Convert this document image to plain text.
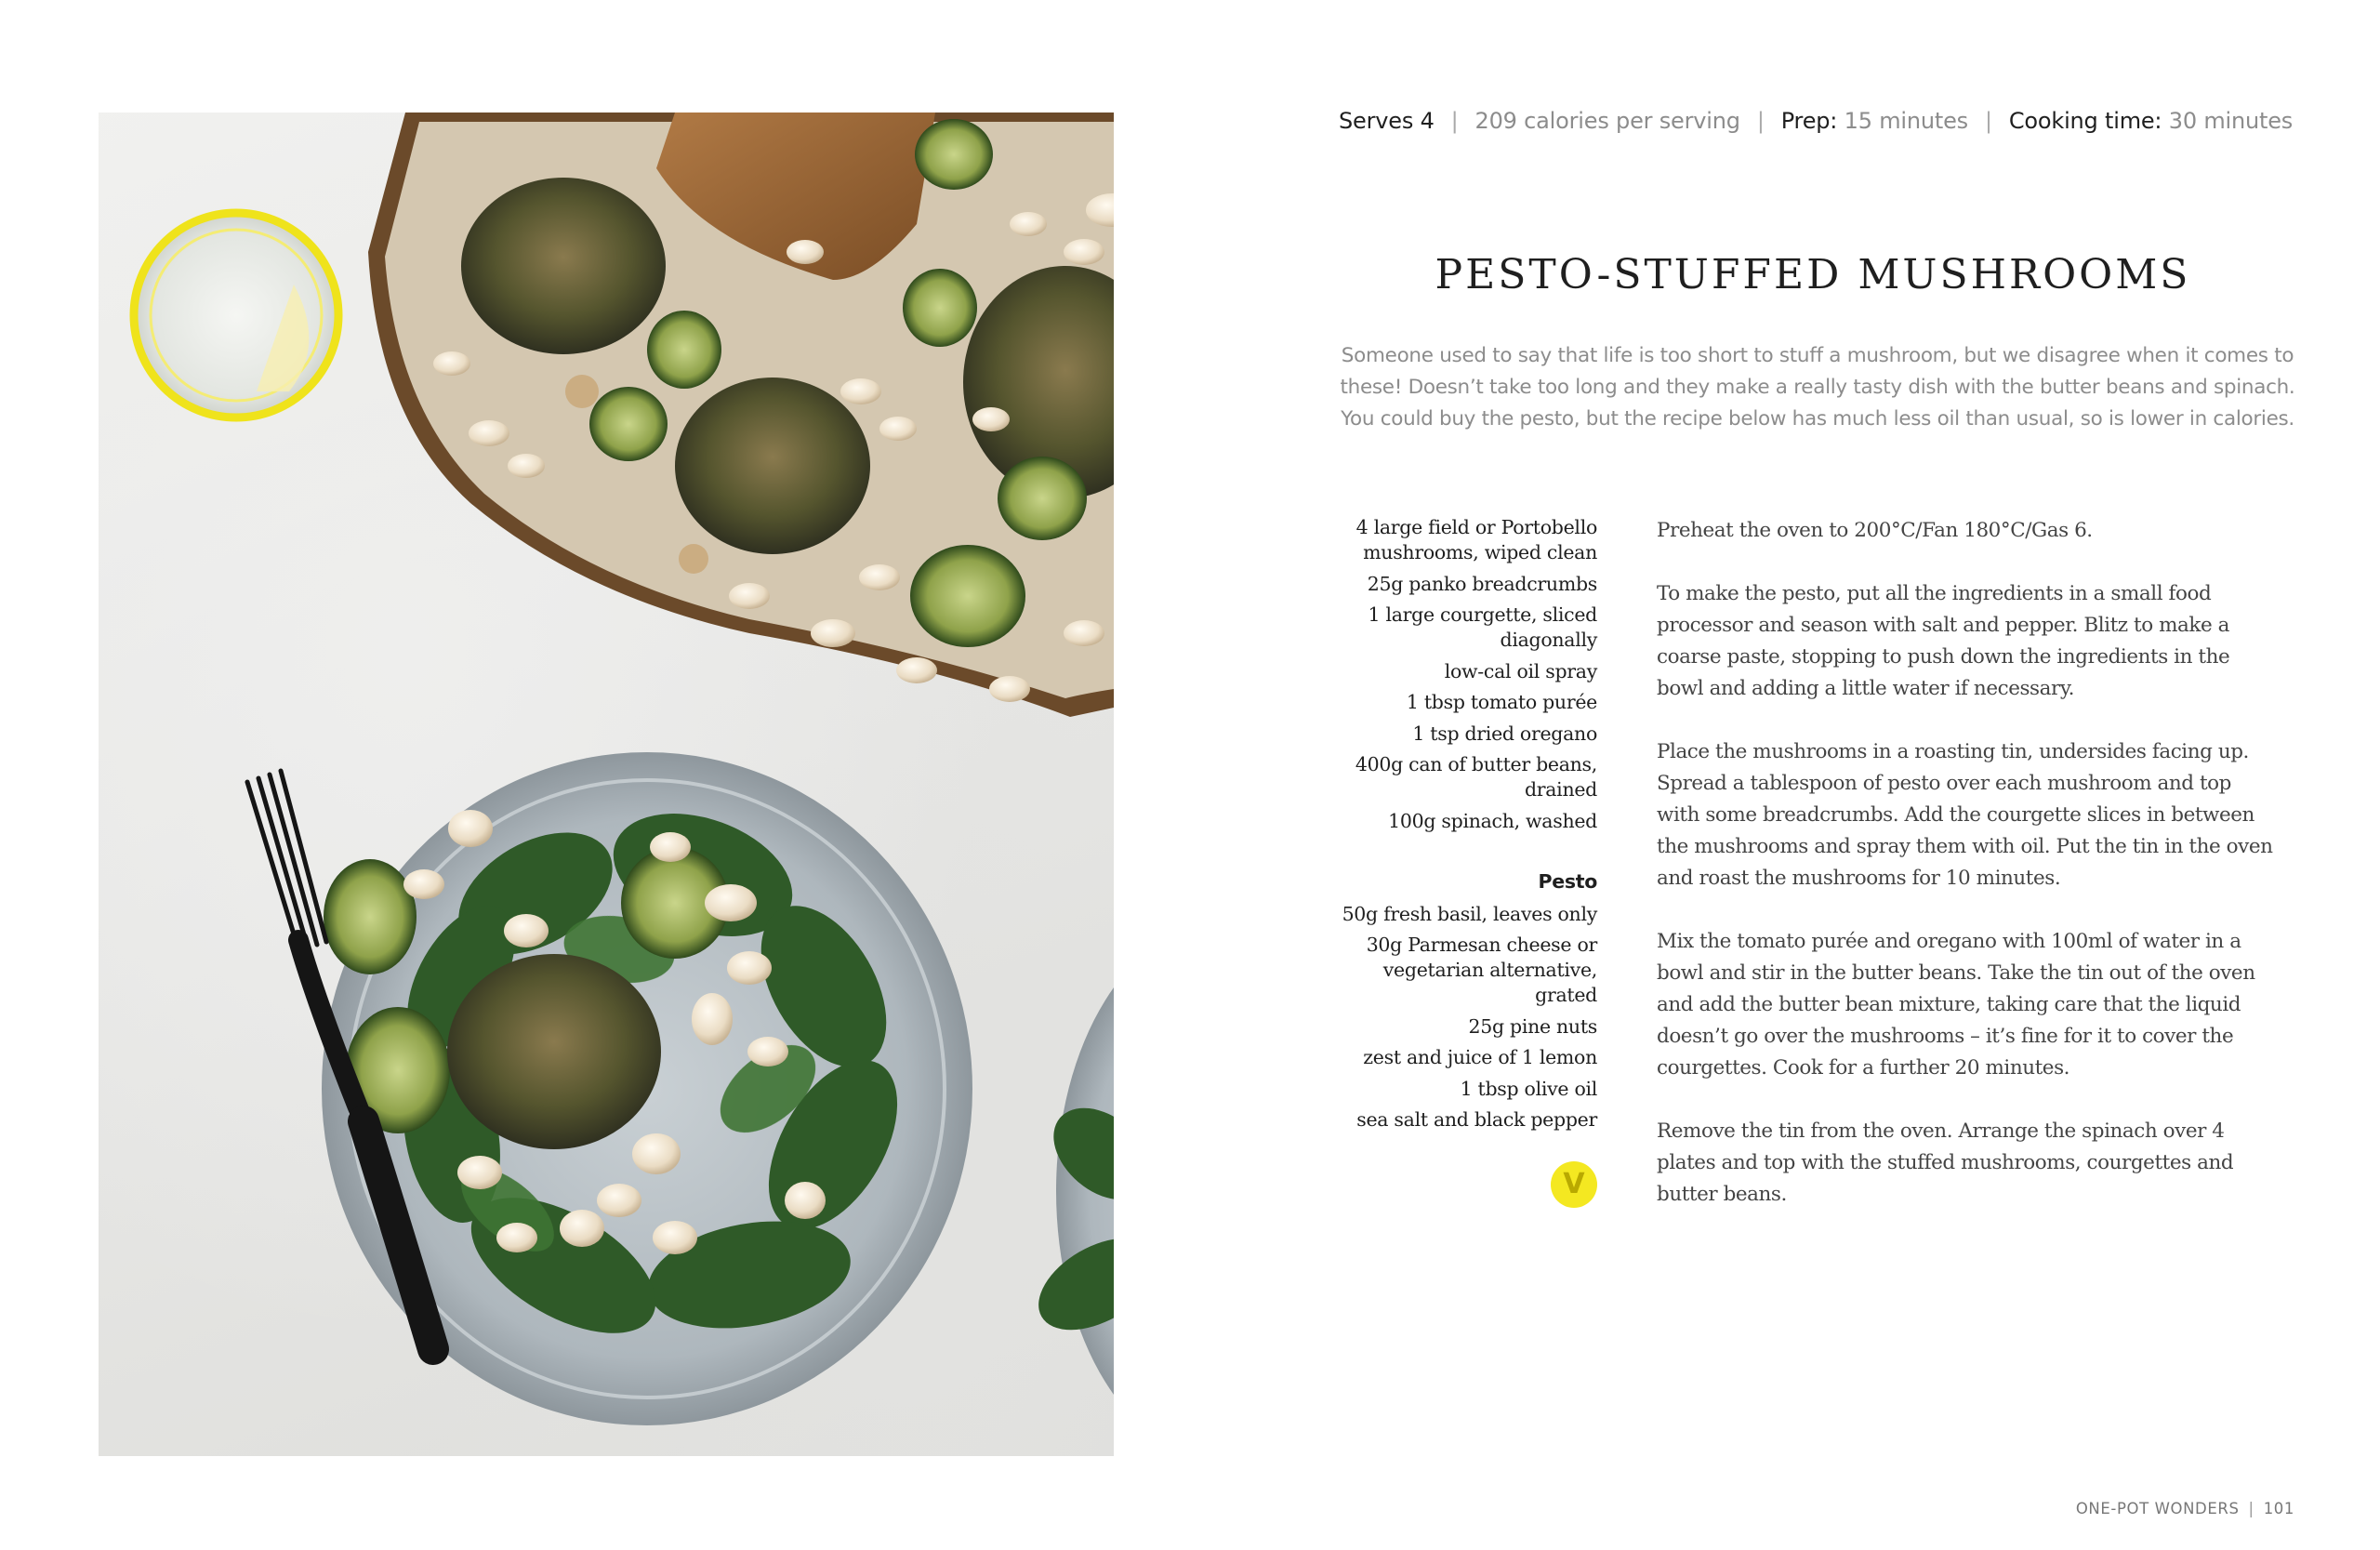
Serves 4 | 209 calories per serving | Prep: 15 minutes | Cooking time: 30 minutes
PESTO-STUFFED MUSHROOMS

Someone used to say that life is too short to stuff a mushroom, but we disagree when it comes to these! Doesn’t take too long and they make a really tasty dish with the butter beans and spinach. You could buy the pesto, but the recipe below has much less oil than usual, so is lower in calories.

4 large field or Portobello mushrooms, wiped clean
25g panko breadcrumbs
1 large courgette, sliced diagonally
low-cal oil spray
1 tbsp tomato purée
1 tsp dried oregano
400g can of butter beans, drained
100g spinach, washed
Pesto
50g fresh basil, leaves only
30g Parmesan cheese or vegetarian alternative, grated
25g pine nuts
zest and juice of 1 lemon
1 tbsp olive oil
sea salt and black pepper
V

Preheat the oven to 200°C/Fan 180°C/Gas 6.

To make the pesto, put all the ingredients in a small food processor and season with salt and pepper. Blitz to make a coarse paste, stopping to push down the ingredients in the bowl and adding a little water if necessary.

Place the mushrooms in a roasting tin, undersides facing up. Spread a tablespoon of pesto over each mushroom and top with some breadcrumbs. Add the courgette slices in between the mushrooms and spray them with oil. Put the tin in the oven and roast the mushrooms for 10 minutes.

Mix the tomato purée and oregano with 100ml of water in a bowl and stir in the butter beans. Take the tin out of the oven and add the butter bean mixture, taking care that the liquid doesn’t go over the mushrooms – it’s fine for it to cover the courgettes. Cook for a further 20 minutes.

Remove the tin from the oven. Arrange the spinach over 4 plates and top with the stuffed mushrooms, courgettes and butter beans.

ONE-POT WONDERS | 101
